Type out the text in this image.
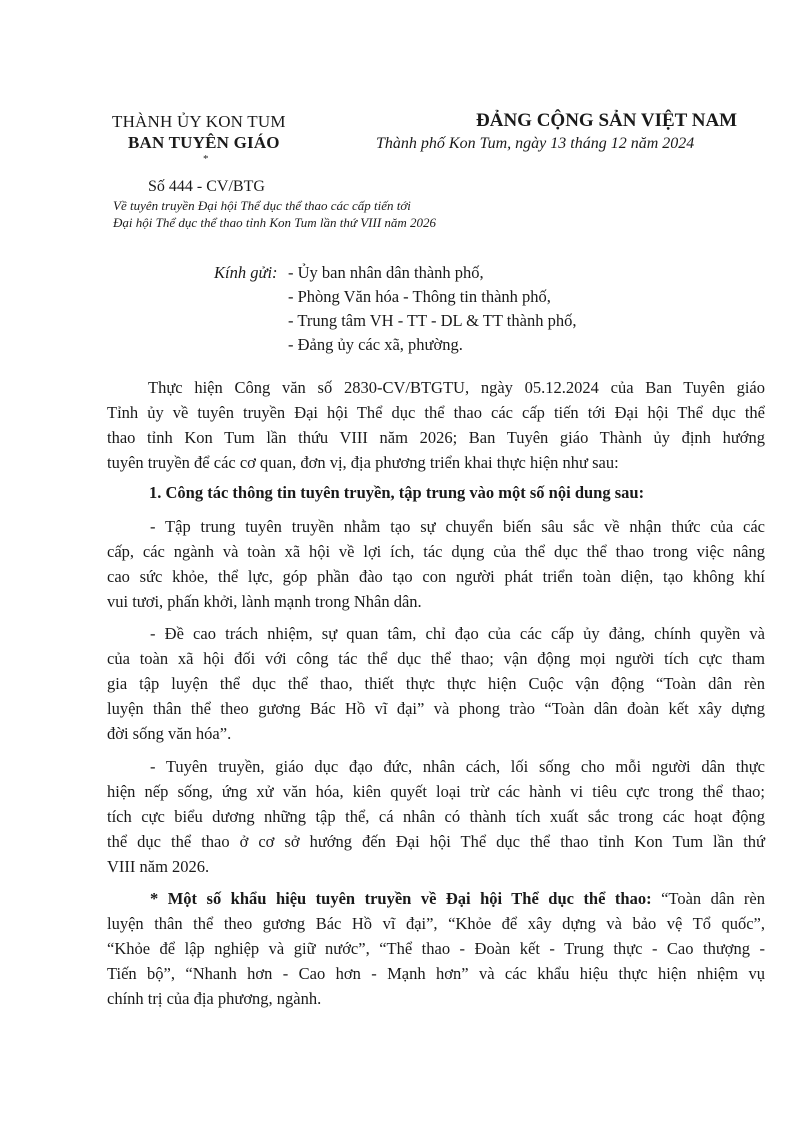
THÀNH ỦY KON TUM
BAN TUYÊN GIÁO
*
ĐẢNG CỘNG SẢN VIỆT NAM
Thành phố Kon Tum, ngày 13 tháng 12 năm 2024
Số 444 - CV/BTG
Về tuyên truyền Đại hội Thể dục thể thao các cấp tiến tới
Đại hội Thể dục thể thao tỉnh Kon Tum lần thứ VIII năm 2026
Kính gửi: - Ủy ban nhân dân thành phố,
- Phòng Văn hóa - Thông tin thành phố,
- Trung tâm VH - TT - DL & TT thành phố,
- Đảng ủy các xã, phường.
Thực hiện Công văn số 2830-CV/BTGTU, ngày 05.12.2024 của Ban Tuyên giáo
Tỉnh ủy về tuyên truyền Đại hội Thể dục thể thao các cấp tiến tới Đại hội Thể dục thể
thao tỉnh Kon Tum lần thứu VIII năm 2026; Ban Tuyên giáo Thành ủy định hướng
tuyên truyền để các cơ quan, đơn vị, địa phương triển khai thực hiện như sau:
1. Công tác thông tin tuyên truyền, tập trung vào một số nội dung sau:
- Tập trung tuyên truyền nhằm tạo sự chuyển biến sâu sắc về nhận thức của các
cấp, các ngành và toàn xã hội về lợi ích, tác dụng của thể dục thể thao trong việc nâng
cao sức khỏe, thể lực, góp phần đào tạo con người phát triển toàn diện, tạo không khí
vui tươi, phấn khởi, lành mạnh trong Nhân dân.
- Đề cao trách nhiệm, sự quan tâm, chỉ đạo của các cấp ủy đảng, chính quyền và
của toàn xã hội đối với công tác thể dục thể thao; vận động mọi người tích cực tham
gia tập luyện thể dục thể thao, thiết thực thực hiện Cuộc vận động “Toàn dân rèn
luyện thân thể theo gương Bác Hồ vĩ đại” và phong trào “Toàn dân đoàn kết xây dựng
đời sống văn hóa”.
- Tuyên truyền, giáo dục đạo đức, nhân cách, lối sống cho mỗi người dân thực
hiện nếp sống, ứng xử văn hóa, kiên quyết loại trừ các hành vi tiêu cực trong thể thao;
tích cực biểu dương những tập thể, cá nhân có thành tích xuất sắc trong các hoạt động
thể dục thể thao ở cơ sở hướng đến Đại hội Thể dục thể thao tỉnh Kon Tum lần thứ
VIII năm 2026.
* Một số khẩu hiệu tuyên truyền về Đại hội Thể dục thể thao: “Toàn dân rèn
luyện thân thể theo gương Bác Hồ vĩ đại”, “Khỏe để xây dựng và bảo vệ Tổ quốc”,
“Khỏe để lập nghiệp và giữ nước”, “Thể thao - Đoàn kết - Trung thực - Cao thượng -
Tiến bộ”, “Nhanh hơn - Cao hơn - Mạnh hơn” và các khẩu hiệu thực hiện nhiệm vụ
chính trị của địa phương, ngành.
